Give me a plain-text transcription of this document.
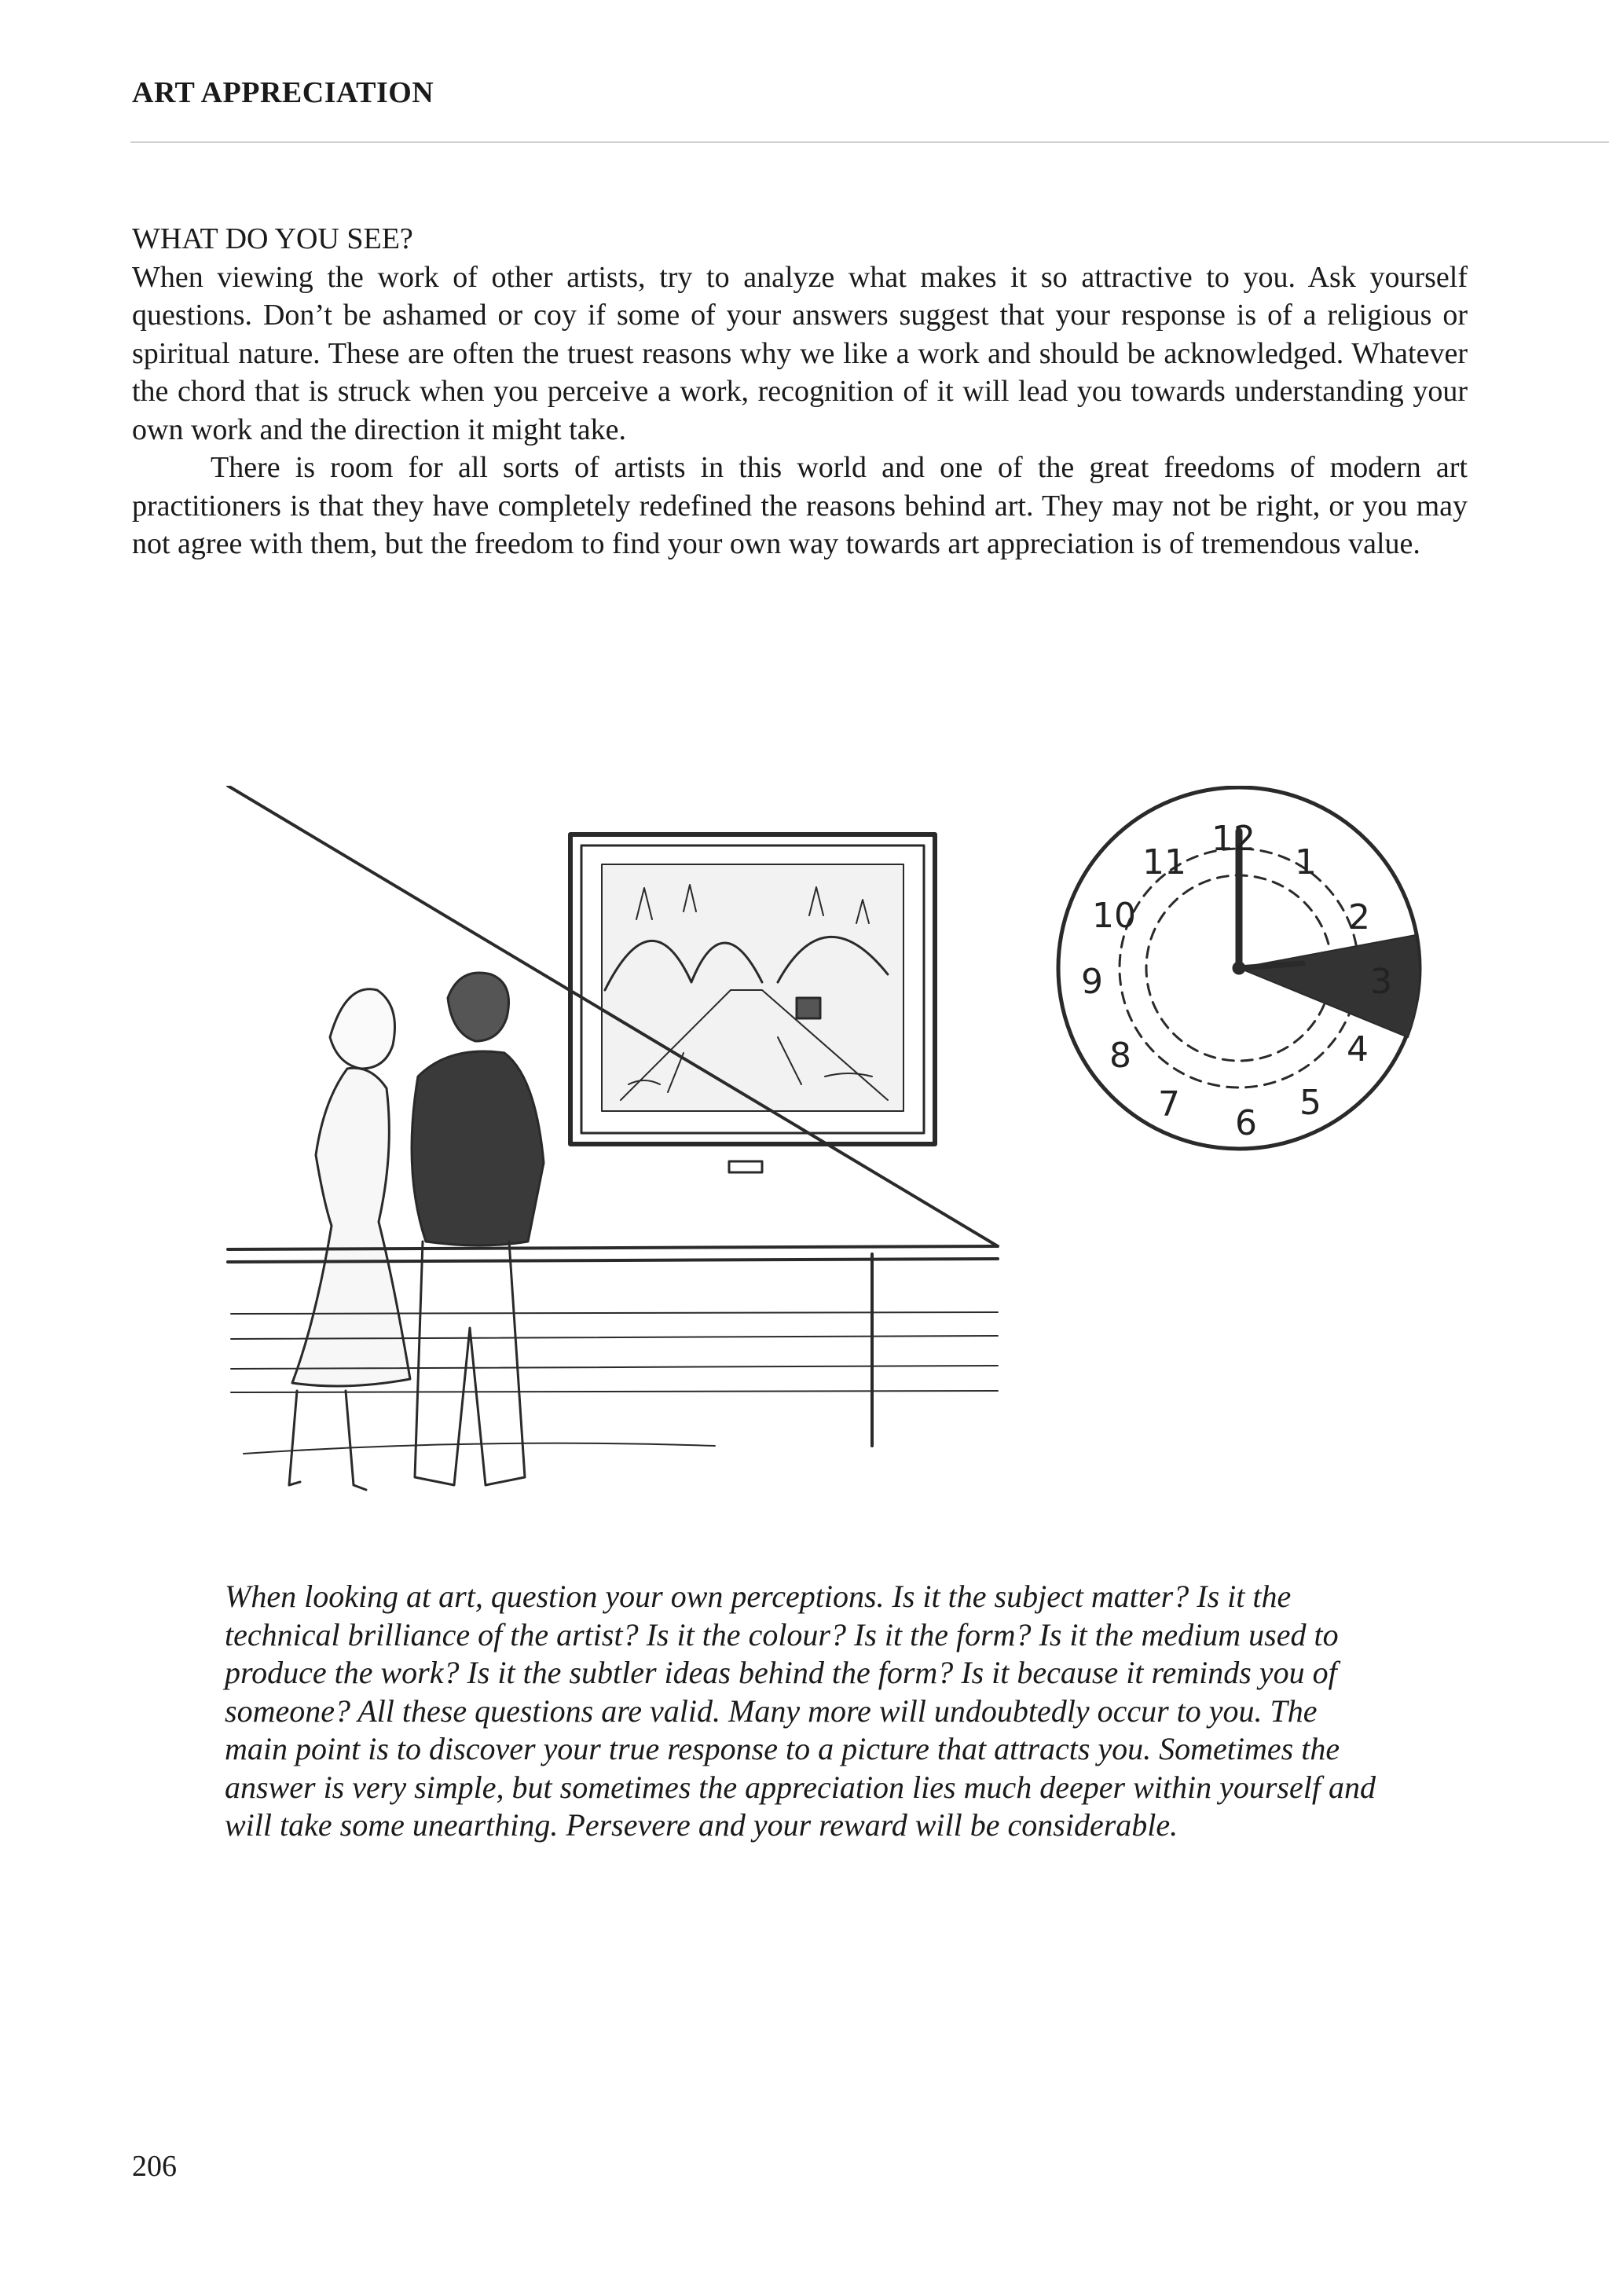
ART APPRECIATION
WHAT DO YOU SEE?

When viewing the work of other artists, try to analyze what makes it so attractive to you. Ask yourself questions. Don’t be ashamed or coy if some of your answers suggest that your response is of a religious or spiritual nature. These are often the truest reasons why we like a work and should be acknowledged. Whatever the chord that is struck when you perceive a work, recognition of it will lead you towards understanding your own work and the direction it might take.

There is room for all sorts of artists in this world and one of the great freedoms of modern art practitioners is that they have completely redefined the reasons behind art. They may not be right, or you may not agree with them, but the freedom to find your own way towards art appreciation is of tremendous value.

12
1
2
3
4
5
6
7
8
9
10
11

When looking at art, question your own perceptions. Is it the subject matter? Is it the technical brilliance of the artist? Is it the colour? Is it the form? Is it the medium used to produce the work? Is it the subtler ideas behind the form? Is it because it reminds you of someone? All these questions are valid. Many more will undoubtedly occur to you. The main point is to discover your true response to a picture that attracts you. Sometimes the answer is very simple, but sometimes the appreciation lies much deeper within yourself and will take some unearthing. Persevere and your reward will be considerable.

206
